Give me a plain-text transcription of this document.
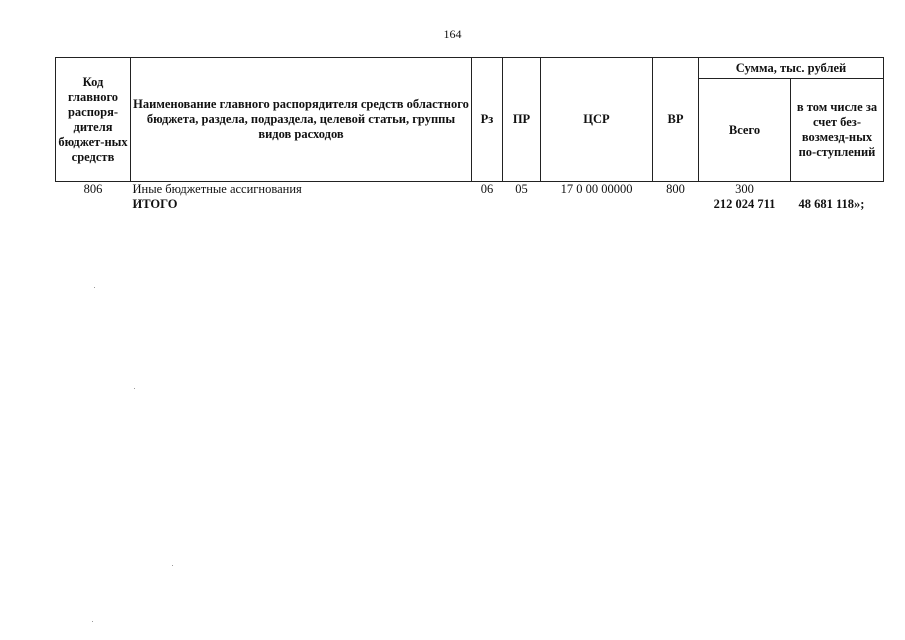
164
Код главного распоря-дителя бюджет-ных средств	Наименование главного распорядителя средств областного бюджета, раздела, подраздела, целевой статьи, группы видов расходов	Рз	ПР	ЦСР	ВР	Сумма, тыс. рублей	
						Всего	в том числе за счет без-возмезд-ных по-ступлений
806	Иные бюджетные ассигнования	06	05	17 0 00 00000	800	300	
	ИТОГО					212 024 711	48 681 118»;
